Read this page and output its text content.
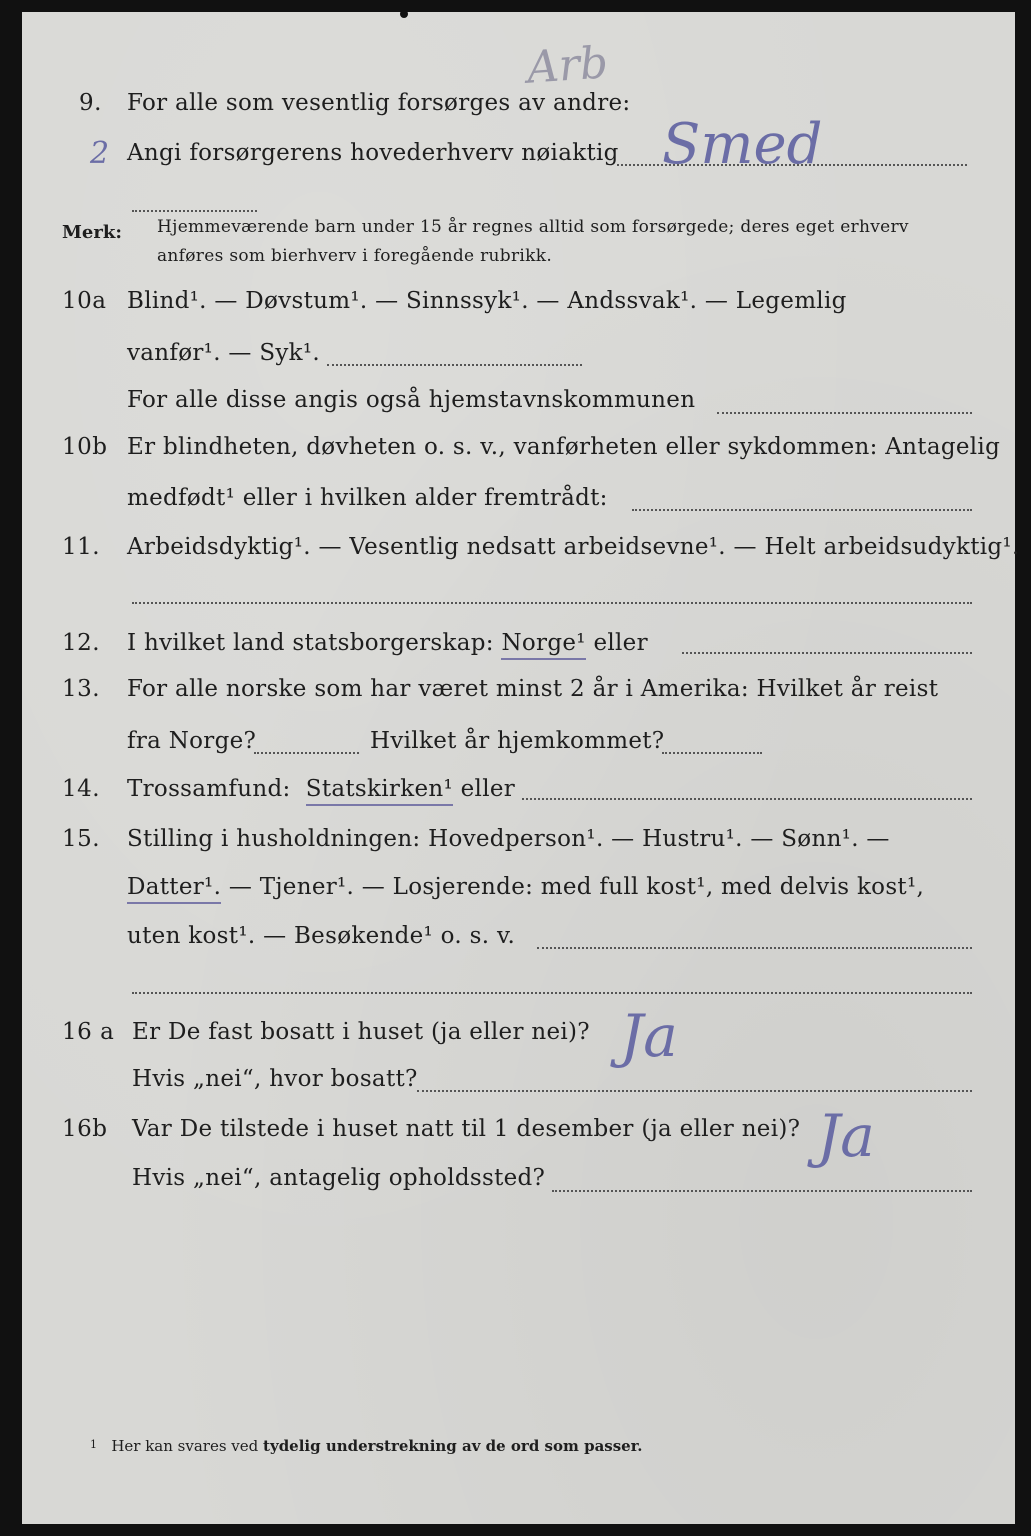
Arb
9. For alle som vesentlig forsørges av andre:
2 Angi forsørgerens hovederhverv nøiaktig Smed
Merk: Hjemmeværende barn under 15 år regnes alltid som forsørgede; deres eget erhverv
anføres som bierhverv i foregående rubrikk.
10a Blind¹. — Døvstum¹. — Sinnssyk¹. — Andssvak¹. — Legemlig
vanfør¹. — Syk¹.
For alle disse angis også hjemstavnskommunen
10b Er blindheten, døvheten o. s. v., vanførheten eller sykdommen: Antagelig
medfødt¹ eller i hvilken alder fremtrådt:
11. Arbeidsdyktig¹. — Vesentlig nedsatt arbeidsevne¹. — Helt arbeidsudyktig¹.
12. I hvilket land statsborgerskap: Norge¹ eller
13. For alle norske som har været minst 2 år i Amerika: Hvilket år reist
fra Norge?	Hvilket år hjemkommet?
14. Trossamfund: Statskirken¹ eller
15. Stilling i husholdningen: Hovedperson¹. — Hustru¹. — Sønn¹. —
Datter¹. — Tjener¹. — Losjerende: med full kost¹, med delvis kost¹,
uten kost¹. — Besøkende¹ o. s. v.
16 a Er De fast bosatt i huset (ja eller nei)? Ja
Hvis „nei“, hvor bosatt?
16b Var De tilstede i huset natt til 1 desember (ja eller nei)? Ja
Hvis „nei“, antagelig opholdssted?
$^1$ Her kan svares ved tydelig understrekning av de ord som passer.
